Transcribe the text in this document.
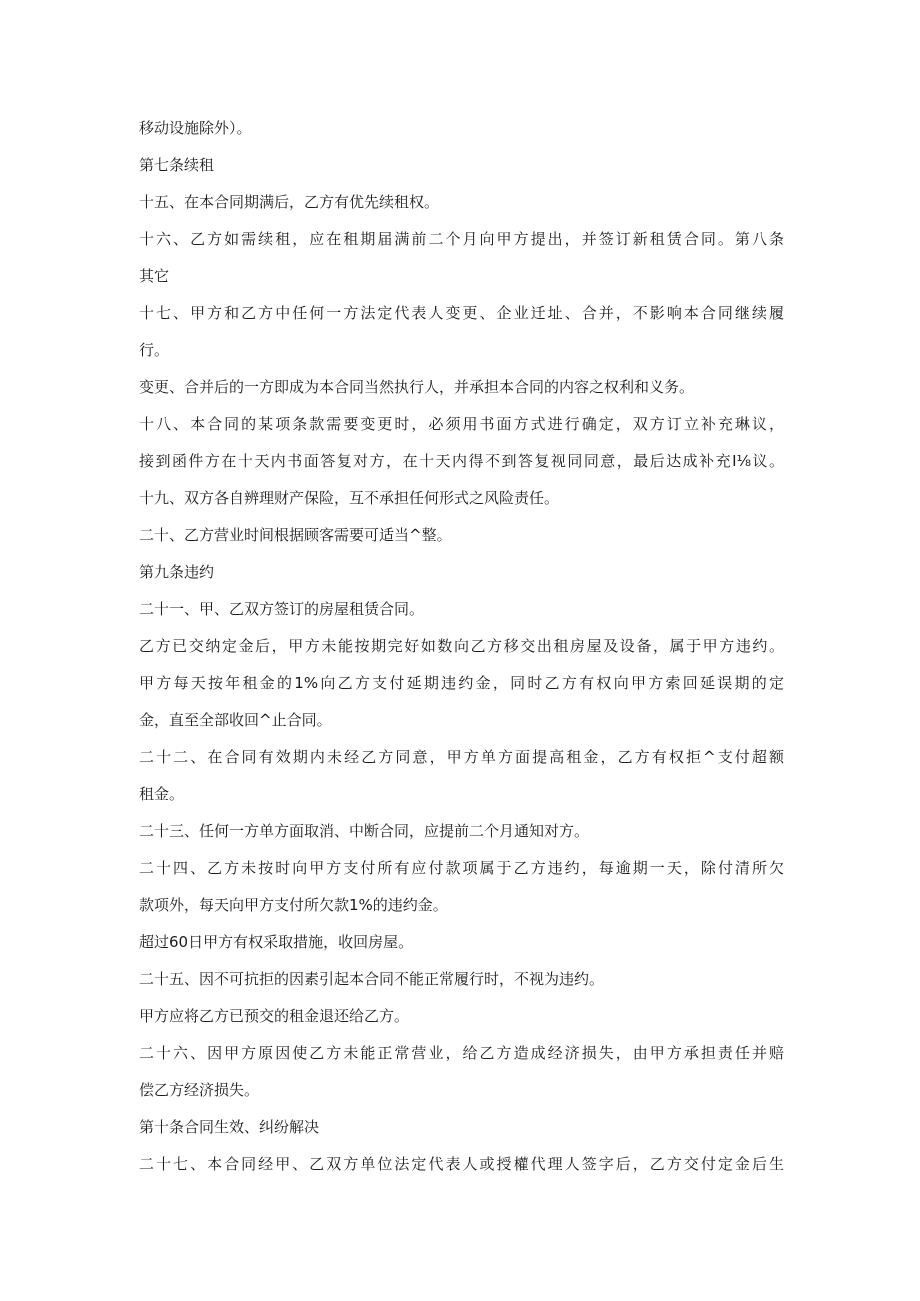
移动设施除外）。

第七条续租

十五、在本合同期满后，乙方有优先续租权。

十六、乙方如需续租，应在租期届满前二个月向甲方提出，并签订新租赁合同。第八条

其它

十七、甲方和乙方中任何一方法定代表人变更、企业迁址、合并，不影响本合同继续履

行。

变更、合并后的一方即成为本合同当然执行人，并承担本合同的内容之权利和义务。

十八、本合同的某项条款需要变更时，必须用书面方式进行确定，双方订立补充琳议，

接到函件方在十天内书面答复对方，在十天内得不到答复视同同意，最后达成补充I⅛议。

十九、双方各自辨理财产保险，互不承担任何形式之风险责任。

二十、乙方营业时间根据顾客需要可适当^整。

第九条违约

二十一、甲、乙双方签订的房屋租赁合同。

乙方已交纳定金后，甲方未能按期完好如数向乙方移交出租房屋及设备，属于甲方违约。

甲方每天按年租金的1%向乙方支付延期违约金，同时乙方有权向甲方索回延误期的定

金，直至全部收回^止合同。

二十二、在合同有效期内未经乙方同意，甲方单方面提高租金，乙方有权拒^支付超额

租金。

二十三、任何一方单方面取消、中断合同，应提前二个月通知对方。

二十四、乙方未按时向甲方支付所有应付款项属于乙方违约，每逾期一天，除付清所欠

款项外，每天向甲方支付所欠款1%的违约金。

超过60日甲方有权采取措施，收回房屋。

二十五、因不可抗拒的因素引起本合同不能正常履行时，不视为违约。

甲方应将乙方已预交的租金退还给乙方。

二十六、因甲方原因使乙方未能正常营业，给乙方造成经济损失，由甲方承担责任并赔

偿乙方经济损失。

第十条合同生效、纠纷解决

二十七、本合同经甲、乙双方单位法定代表人或授權代理人签字后，乙方交付定金后生
